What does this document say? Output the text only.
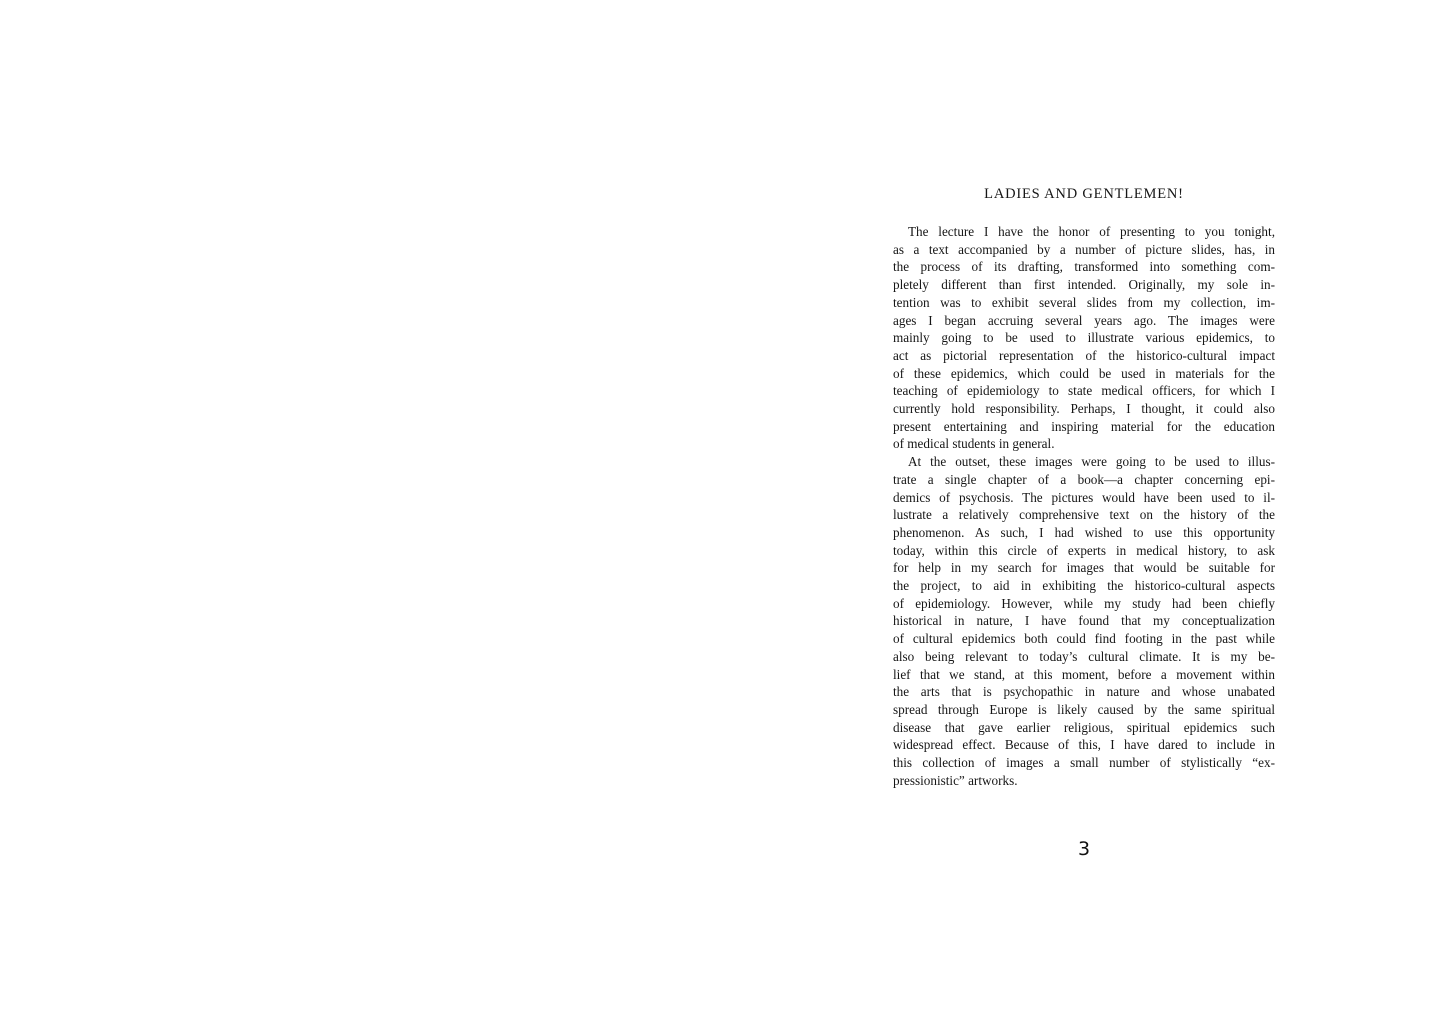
LADIES AND GENTLEMEN!
The lecture I have the honor of presenting to you tonight,
as a text accompanied by a number of picture slides, has, in
the process of its drafting, transformed into something com-
pletely different than first intended. Originally, my sole in-
tention was to exhibit several slides from my collection, im-
ages I began accruing several years ago. The images were
mainly going to be used to illustrate various epidemics, to
act as pictorial representation of the historico-cultural impact
of these epidemics, which could be used in materials for the
teaching of epidemiology to state medical officers, for which I
currently hold responsibility. Perhaps, I thought, it could also
present entertaining and inspiring material for the education
of medical students in general.
At the outset, these images were going to be used to illus-
trate a single chapter of a book—a chapter concerning epi-
demics of psychosis. The pictures would have been used to il-
lustrate a relatively comprehensive text on the history of the
phenomenon. As such, I had wished to use this opportunity
today, within this circle of experts in medical history, to ask
for help in my search for images that would be suitable for
the project, to aid in exhibiting the historico-cultural aspects
of epidemiology. However, while my study had been chiefly
historical in nature, I have found that my conceptualization
of cultural epidemics both could find footing in the past while
also being relevant to today’s cultural climate. It is my be-
lief that we stand, at this moment, before a movement within
the arts that is psychopathic in nature and whose unabated
spread through Europe is likely caused by the same spiritual
disease that gave earlier religious, spiritual epidemics such
widespread effect. Because of this, I have dared to include in
this collection of images a small number of stylistically “ex-
pressionistic” artworks.
3
